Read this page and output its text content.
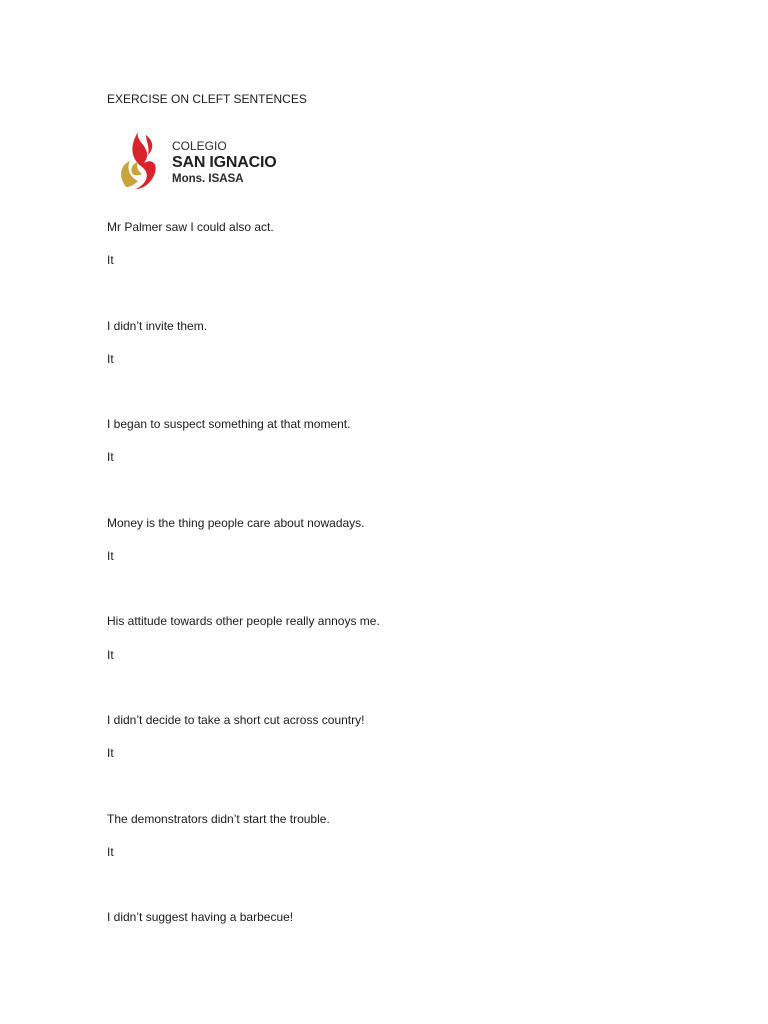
EXERCISE ON CLEFT SENTENCES
COLEGIO
SAN IGNACIO
Mons. ISASA
Mr Palmer saw I could also act.
It
I didn’t invite them.
It
I began to suspect something at that moment.
It
Money is the thing people care about nowadays.
It
His attitude towards other people really annoys me.
It
I didn’t decide to take a short cut across country!
It
The demonstrators didn’t start the trouble.
It
I didn’t suggest having a barbecue!
